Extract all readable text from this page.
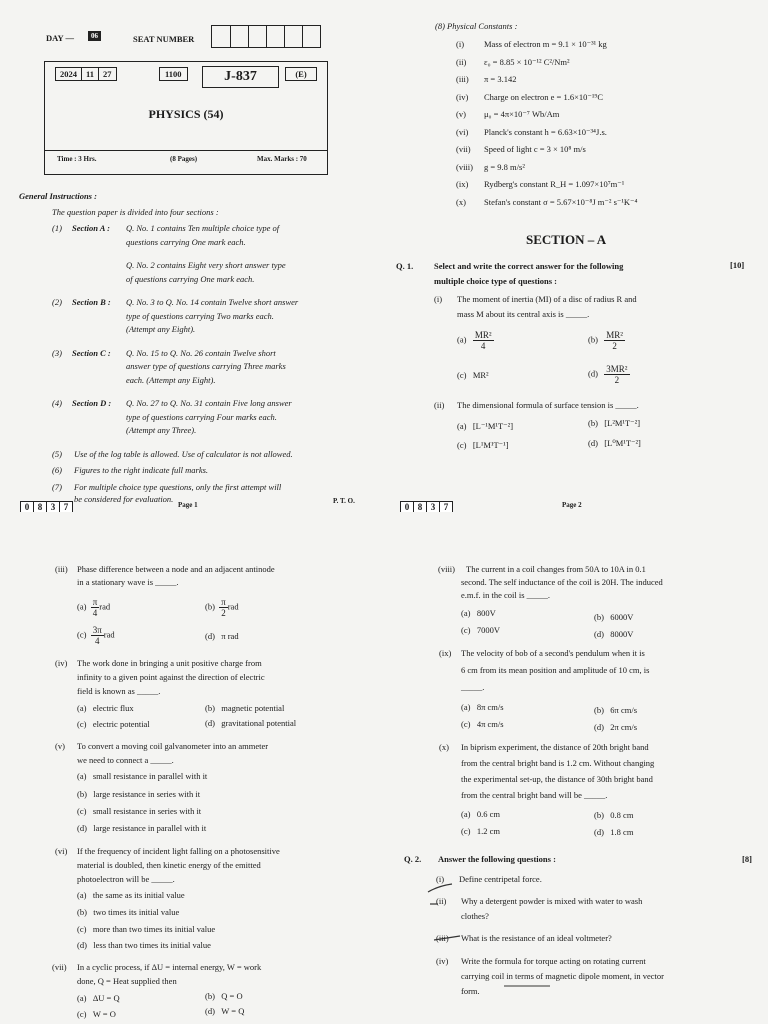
DAY —	06	SEAT NUMBER
2024	11	27	1100	J-837	(E)
PHYSICS (54)
Time : 3 Hrs.	(8 Pages)	Max. Marks : 70
General Instructions :
The question paper is divided into four sections :
(1) Section A : Q. No. 1 contains Ten multiple choice type of
questions carrying One mark each.
Q. No. 2 contains Eight very short answer type
of questions carrying One mark each.
(2) Section B : Q. No. 3 to Q. No. 14 contain Twelve short answer
type of questions carrying Two marks each.
(Attempt any Eight).
(3) Section C : Q. No. 15 to Q. No. 26 contain Twelve short
answer type of questions carrying Three marks
each. (Attempt any Eight).
(4) Section D : Q. No. 27 to Q. No. 31 contain Five long answer
type of questions carrying Four marks each.
(Attempt any Three).
(5) Use of the log table is allowed. Use of calculator is not allowed.
(6) Figures to the right indicate full marks.
(7) For multiple choice type questions, only the first attempt will
be considered for evaluation.
0 8 3 7	Page 1	P. T. O.
(8) Physical Constants :
(i) Mass of electron m = 9.1 × 10⁻³¹ kg
(ii) ε₀ = 8.85 × 10⁻¹² C²/Nm²
(iii) π = 3.142
(iv) Charge on electron e = 1.6×10⁻¹⁹C
(v) μ₀ = 4π×10⁻⁷ Wb/Am
(vi) Planck's constant h = 6.63×10⁻³⁴J.s.
(vii) Speed of light c = 3 × 10⁸ m/s
(viii) g = 9.8 m/s²
(ix) Rydberg's constant R_H = 1.097×10⁷m⁻¹
(x) Stefan's constant σ = 5.67×10⁻⁸J m⁻² s⁻¹K⁻⁴
SECTION – A
Q. 1. Select and write the correct answer for the following
multiple choice type of questions :
[10]
(i) The moment of inertia (MI) of a disc of radius R and
mass M about its central axis is _____.
$(a) \frac{\text{MR²}}{4}$	$(b) \frac{\text{MR²}}{2}$
(c) MR²	$(d) \frac{\text{3MR²}}{2}$
(ii) The dimensional formula of surface tension is _____.
(a) [L⁻¹M¹T⁻²]	(b) [L²M¹T⁻²]
(c) [L¹M¹T⁻¹]	(d) [L⁰M¹T⁻²]
0 8 3 7	Page 2
(iii) Phase difference between a node and an adjacent antinode
in a stationary wave is _____.
$(a) \frac{\pi}{4}$ rad	$(b) \frac{\pi}{2}$ rad
$(c) \frac{3\pi}{4}$ rad	(d) π rad
(iv) The work done in bringing a unit positive charge from
infinity to a given point against the direction of electric
field is known as _____.
(a) electric flux	(b) magnetic potential
(c) electric potential	(d) gravitational potential
(v) To convert a moving coil galvanometer into an ammeter
we need to connect a _____.
(a) small resistance in parallel with it
(b) large resistance in series with it
(c) small resistance in series with it
(d) large resistance in parallel with it
(vi) If the frequency of incident light falling on a photosensitive
material is doubled, then kinetic energy of the emitted
photoelectron will be _____.
(a) the same as its initial value
(b) two times its initial value
(c) more than two times its initial value
(d) less than two times its initial value
(vii) In a cyclic process, if ΔU = internal energy, W = work
done, Q = Heat supplied then
(a) ΔU = Q	(b) Q = O
(c) W = O	(d) W = Q
(viii) The current in a coil changes from 50A to 10A in 0.1
second. The self inductance of the coil is 20H. The induced
e.m.f. in the coil is _____.
(a) 800V	(b) 6000V
(c) 7000V	(d) 8000V
(ix) The velocity of bob of a second's pendulum when it is
6 cm from its mean position and amplitude of 10 cm, is
_____.
(a) 8π cm/s	(b) 6π cm/s
(c) 4π cm/s	(d) 2π cm/s
(x) In biprism experiment, the distance of 20th bright band
from the central bright band is 1.2 cm. Without changing
the experimental set-up, the distance of 30th bright band
from the central bright band will be _____.
(a) 0.6 cm	(b) 0.8 cm
(c) 1.2 cm	(d) 1.8 cm
Q. 2. Answer the following questions :	[8]
(i) Define centripetal force.
(ii) Why a detergent powder is mixed with water to wash
clothes?
(iii) What is the resistance of an ideal voltmeter?
(iv) Write the formula for torque acting on rotating current
carrying coil in terms of magnetic dipole moment, in vector
form.
